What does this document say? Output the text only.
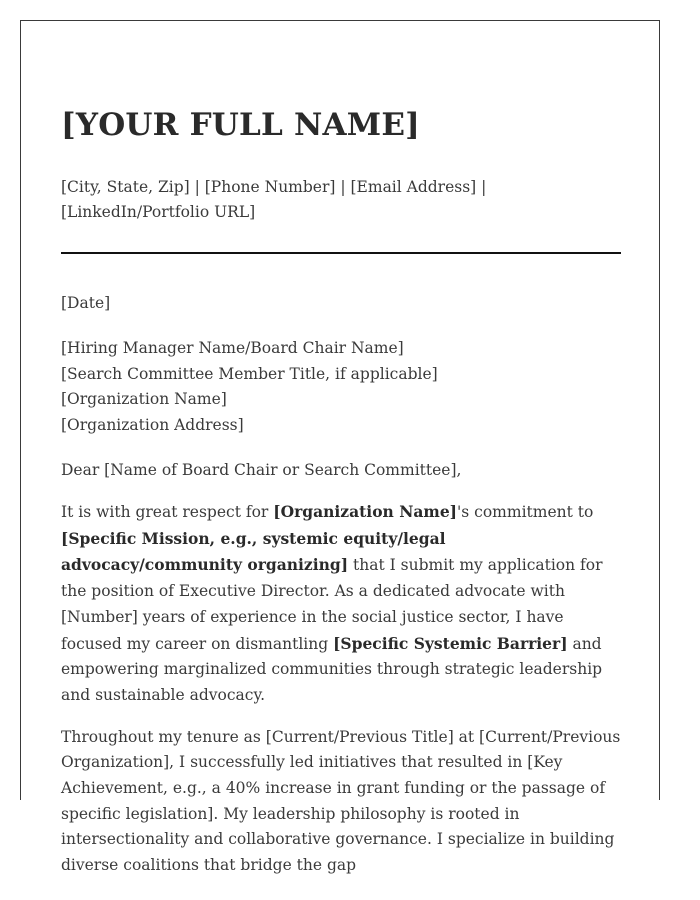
[YOUR FULL NAME]
[City, State, Zip] | [Phone Number] | [Email Address] | [LinkedIn/Portfolio URL]
[Date]
[Hiring Manager Name/Board Chair Name]
[Search Committee Member Title, if applicable]
[Organization Name]
[Organization Address]
Dear [Name of Board Chair or Search Committee],

It is with great respect for [Organization Name]'s commitment to [Specific Mission, e.g., systemic equity/legal advocacy/community organizing] that I submit my application for the position of Executive Director. As a dedicated advocate with [Number] years of experience in the social justice sector, I have focused my career on dismantling [Specific Systemic Barrier] and empowering marginalized communities through strategic leadership and sustainable advocacy.

Throughout my tenure as [Current/Previous Title] at [Current/Previous Organization], I successfully led initiatives that resulted in [Key Achievement, e.g., a 40% increase in grant funding or the passage of specific legislation]. My leadership philosophy is rooted in intersectionality and collaborative governance. I specialize in building diverse coalitions that bridge the gap
